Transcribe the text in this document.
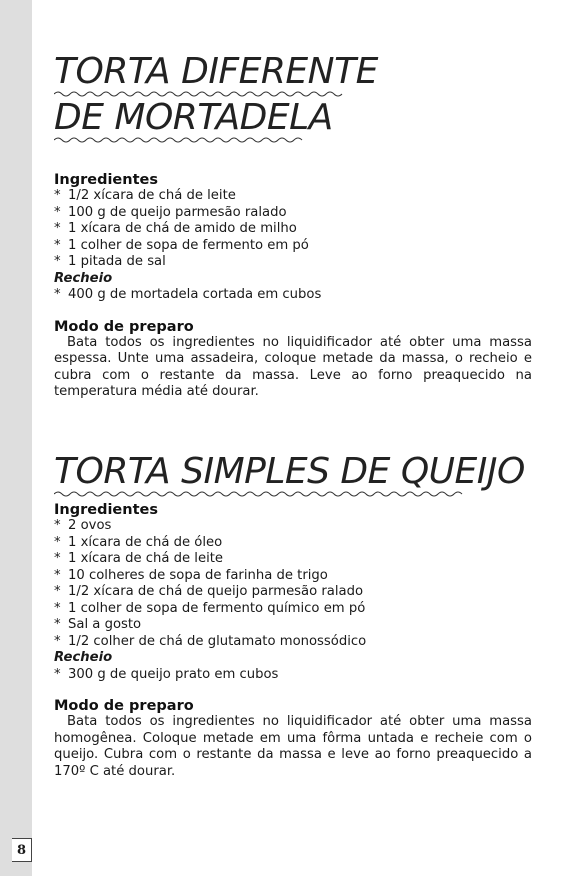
8
TORTA DIFERENTE
DE MORTADELA
Ingredientes
* 1/2 xícara de chá de leite
* 100 g de queijo parmesão ralado
* 1 xícara de chá de amido de milho
* 1 colher de sopa de fermento em pó
* 1 pitada de sal
Recheio
* 400 g de mortadela cortada em cubos
Modo de preparo

Bata todos os ingredientes no liquidificador até obter uma massa espessa. Unte uma assadeira, coloque metade da massa, o recheio e cubra com o restante da massa. Leve ao forno preaquecido na temperatura média até dourar.

TORTA SIMPLES DE QUEIJO
Ingredientes
* 2 ovos
* 1 xícara de chá de óleo
* 1 xícara de chá de leite
* 10 colheres de sopa de farinha de trigo
* 1/2 xícara de chá de queijo parmesão ralado
* 1 colher de sopa de fermento químico em pó
* Sal a gosto
* 1/2 colher de chá de glutamato monossódico
Recheio
* 300 g de queijo prato em cubos
Modo de preparo

Bata todos os ingredientes no liquidificador até obter uma massa homogênea. Coloque metade em uma fôrma untada e recheie com o queijo. Cubra com o restante da massa e leve ao forno preaquecido a 170º C até dourar.
